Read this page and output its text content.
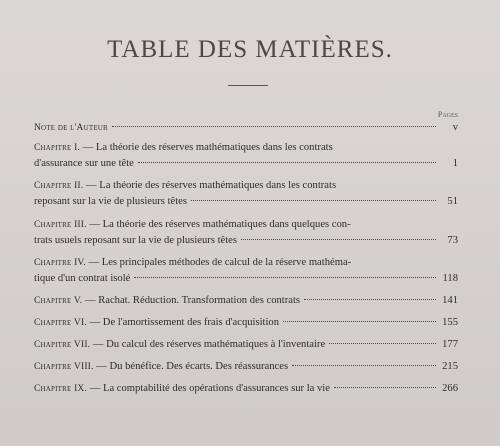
TABLE DES MATIÈRES.
Pages
Note de l'Auteur	v
Chapitre I. — La théorie des réserves mathématiques dans les contrats
d'assurance sur une tête	1
Chapitre II. — La théorie des réserves mathématiques dans les contrats
reposant sur la vie de plusieurs têtes	51
Chapitre III. — La théorie des réserves mathématiques dans quelques con-
trats usuels reposant sur la vie de plusieurs têtes	73
Chapitre IV. — Les principales méthodes de calcul de la réserve mathéma-
tique d'un contrat isolé	118
Chapitre V. — Rachat. Réduction. Transformation des contrats	141
Chapitre VI. — De l'amortissement des frais d'acquisition	155
Chapitre VII. — Du calcul des réserves mathématiques à l'inventaire	177
Chapitre VIII. — Du bénéfice. Des écarts. Des réassurances	215
Chapitre IX. — La comptabilité des opérations d'assurances sur la vie	266
